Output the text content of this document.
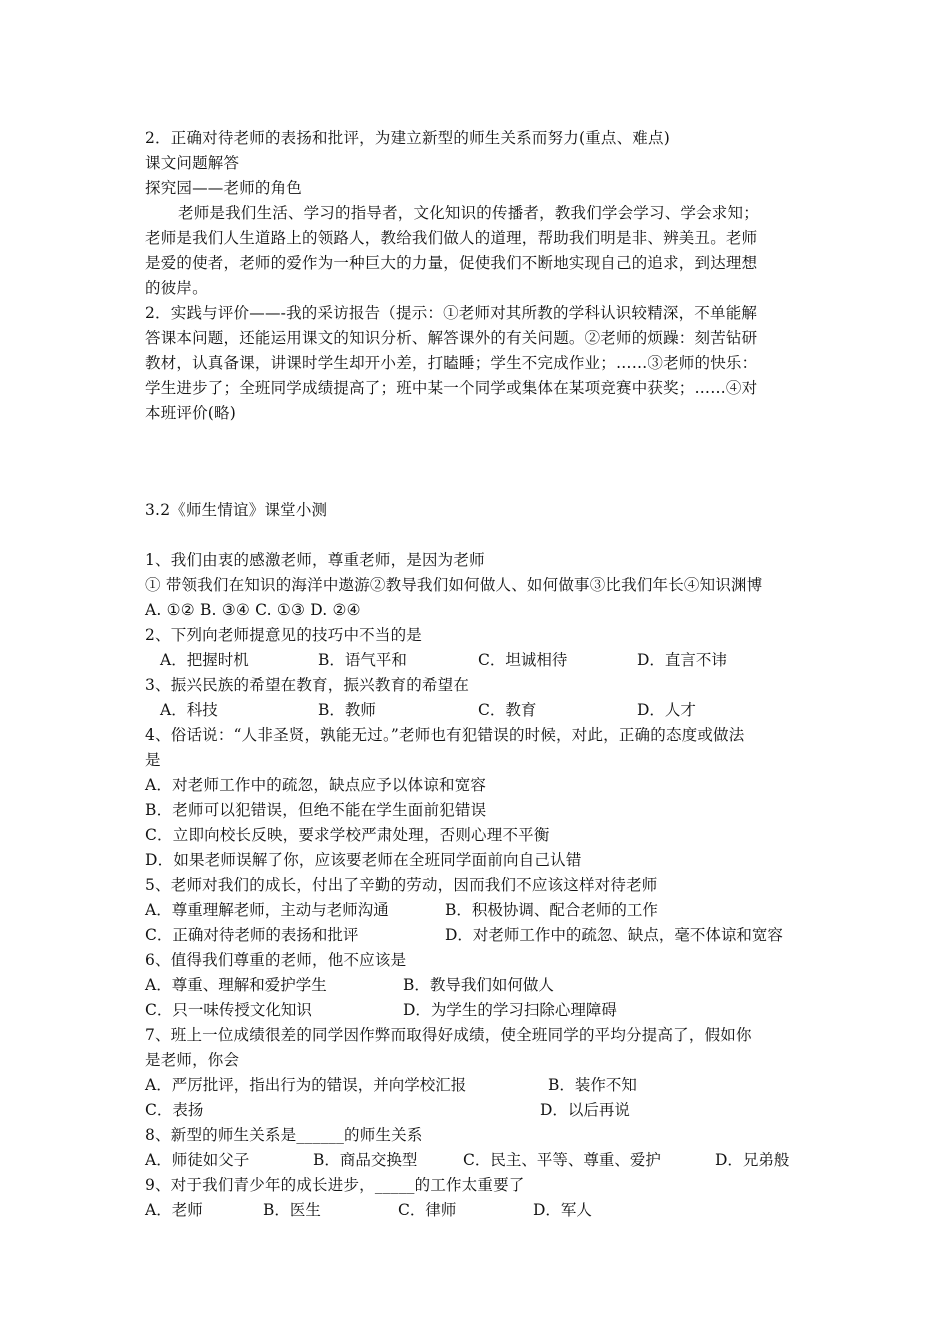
2．正确对待老师的表扬和批评，为建立新型的师生关系而努力(重点、难点)
课文问题解答
探究园——老师的角色
老师是我们生活、学习的指导者，文化知识的传播者，教我们学会学习、学会求知；
老师是我们人生道路上的领路人，教给我们做人的道理，帮助我们明是非、辨美丑。老师
是爱的使者，老师的爱作为一种巨大的力量，促使我们不断地实现自己的追求，到达理想
的彼岸。
2．实践与评价——-我的采访报告（提示：①老师对其所教的学科认识较精深，不单能解
答课本问题，还能运用课文的知识分析、解答课外的有关问题。②老师的烦躁：刻苦钻研
教材，认真备课，讲课时学生却开小差，打瞌睡；学生不完成作业；……③老师的快乐：
学生进步了；全班同学成绩提高了；班中某一个同学或集体在某项竞赛中获奖；……④对
本班评价(略)
3.2《师生情谊》课堂小测
1、我们由衷的感激老师，尊重老师，是因为老师
① 带领我们在知识的海洋中遨游②教导我们如何做人、如何做事③比我们年长④知识渊博
A. ①② B. ③④ C. ①③ D. ②④
2、下列向老师提意见的技巧中不当的是
A．把握时机	B．语气平和	C．坦诚相待	D．直言不讳
3、振兴民族的希望在教育，振兴教育的希望在
A．科技	B．教师	C．教育	D．人才
4、俗话说：“人非圣贤，孰能无过。”老师也有犯错误的时候，对此，正确的态度或做法
是
A．对老师工作中的疏忽，缺点应予以体谅和宽容
B．老师可以犯错误，但绝不能在学生面前犯错误
C．立即向校长反映，要求学校严肃处理，否则心理不平衡
D．如果老师误解了你，应该要老师在全班同学面前向自己认错
5、老师对我们的成长，付出了辛勤的劳动，因而我们不应该这样对待老师
A．尊重理解老师，主动与老师沟通	B．积极协调、配合老师的工作
C．正确对待老师的表扬和批评	D．对老师工作中的疏忽、缺点，毫不体谅和宽容
6、值得我们尊重的老师，他不应该是
A．尊重、理解和爱护学生	B．教导我们如何做人
C．只一味传授文化知识	D．为学生的学习扫除心理障碍
7、班上一位成绩很差的同学因作弊而取得好成绩，使全班同学的平均分提高了，假如你
是老师，你会
A．严厉批评，指出行为的错误，并向学校汇报	B．装作不知
C．表扬	D．以后再说
8、新型的师生关系是______的师生关系
A．师徒如父子	B．商品交换型	C．民主、平等、尊重、爱护	D．兄弟般
9、对于我们青少年的成长进步，_____的工作太重要了
A．老师	B．医生	C．律师	D．军人
